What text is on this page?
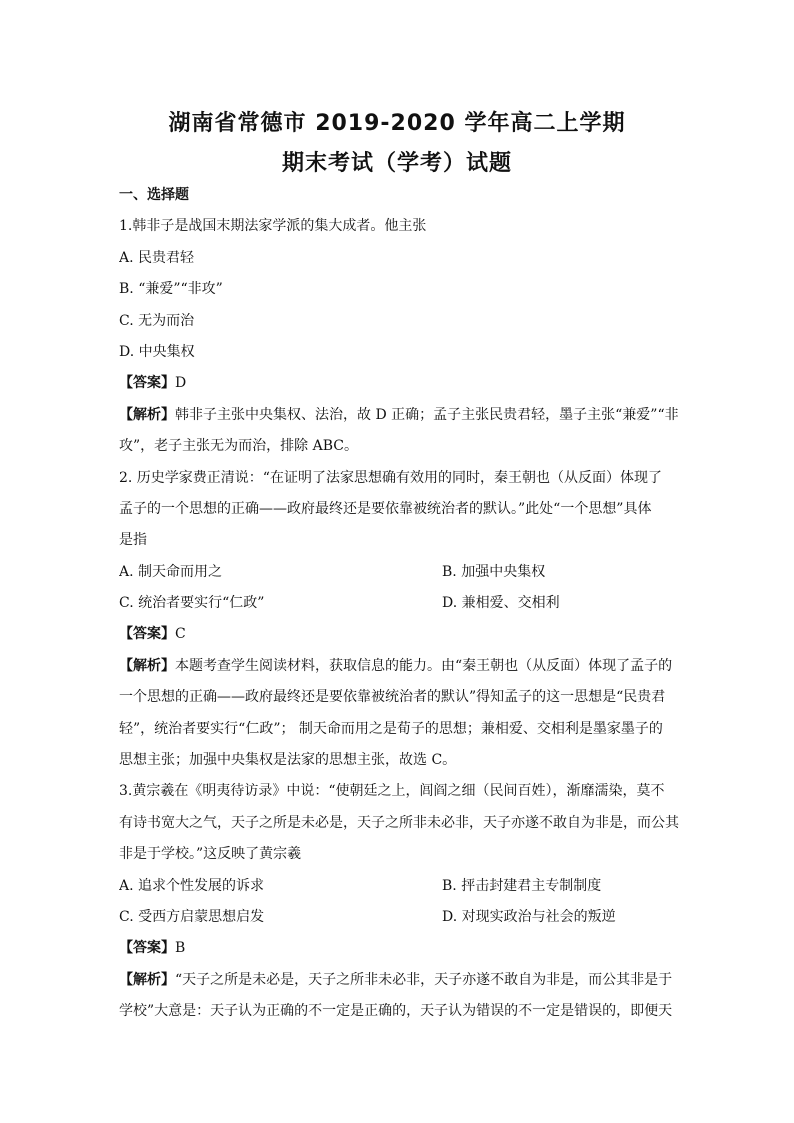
湖南省常德市 2019-2020 学年高二上学期
期末考试（学考）试题
一、选择题
1.韩非子是战国末期法家学派的集大成者。他主张
A. 民贵君轻
B. “兼爱”“非攻”
C. 无为而治
D. 中央集权
【答案】D
【解析】韩非子主张中央集权、法治，故 D 正确；孟子主张民贵君轻，墨子主张“兼爱”“非
攻”，老子主张无为而治，排除 ABC。
2. 历史学家费正清说：“在证明了法家思想确有效用的同时，秦王朝也（从反面）体现了
孟子的一个思想的正确——政府最终还是要依靠被统治者的默认。”此处“一个思想”具体
是指
A. 制天命而用之	B. 加强中央集权
C. 统治者要实行“仁政”	D. 兼相爱、交相利
【答案】C
【解析】本题考查学生阅读材料，获取信息的能力。由“秦王朝也（从反面）体现了孟子的
一个思想的正确——政府最终还是要依靠被统治者的默认”得知孟子的这一思想是“民贵君
轻”，统治者要实行“仁政”； 制天命而用之是荀子的思想；兼相爱、交相利是墨家墨子的
思想主张；加强中央集权是法家的思想主张，故选 C。
3.黄宗羲在《明夷待访录》中说：“使朝廷之上，闾阎之细（民间百姓），渐靡濡染，莫不
有诗书宽大之气，天子之所是未必是，天子之所非未必非，天子亦遂不敢自为非是，而公其
非是于学校。”这反映了黄宗羲
A. 追求个性发展的诉求	B. 抨击封建君主专制制度
C. 受西方启蒙思想启发	D. 对现实政治与社会的叛逆
【答案】B
【解析】“天子之所是未必是，天子之所非未必非，天子亦遂不敢自为非是，而公其非是于
学校”大意是：天子认为正确的不一定是正确的，天子认为错误的不一定是错误的，即便天
